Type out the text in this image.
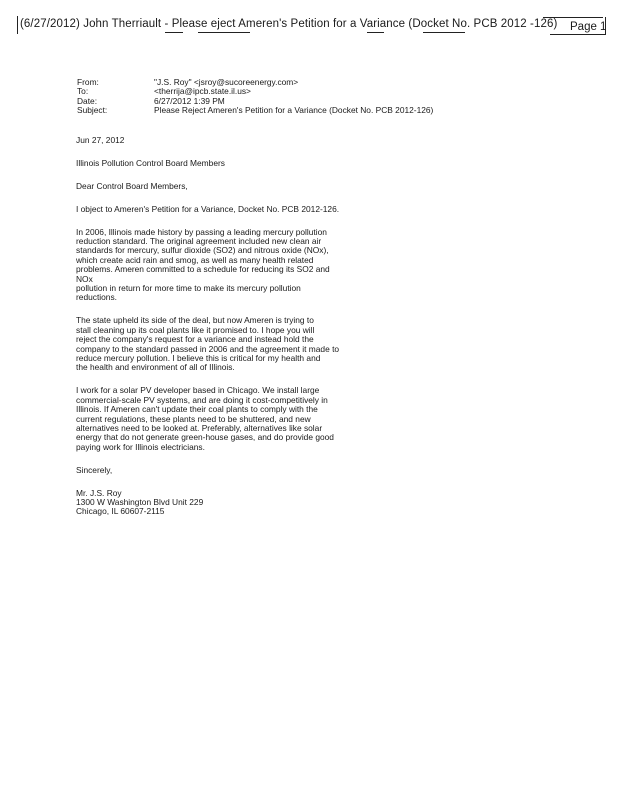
(6/27/2012) John Therriault - Please eject Ameren's Petition for a Variance (Docket No. PCB 2012 -126) Page 1
From:	"J.S. Roy" <jsroy@sucoreenergy.com>
To:	<therrija@ipcb.state.il.us>
Date:	6/27/2012 1:39 PM
Subject:	Please Reject Ameren's Petition for a Variance (Docket No. PCB 2012-126)

Jun 27, 2012

Illinois Pollution Control Board Members

Dear Control Board Members,

I object to Ameren's Petition for a Variance, Docket No. PCB 2012-126.

In 2006, Illinois made history by passing a leading mercury pollution
reduction standard. The original agreement included new clean air
standards for mercury, sulfur dioxide (SO2) and nitrous oxide (NOx),
which create acid rain and smog, as well as many health related
problems. Ameren committed to a schedule for reducing its SO2 and NOx
pollution in return for more time to make its mercury pollution
reductions.

The state upheld its side of the deal, but now Ameren is trying to
stall cleaning up its coal plants like it promised to. I hope you will
reject the company's request for a variance and instead hold the
company to the standard passed in 2006 and the agreement it made to
reduce mercury pollution. I believe this is critical for my health and
the health and environment of all of Illinois.

I work for a solar PV developer based in Chicago. We install large
commercial-scale PV systems, and are doing it cost-competitively in
Illinois. If Ameren can't update their coal plants to comply with the
current regulations, these plants need to be shuttered, and new
alternatives need to be looked at. Preferably, alternatives like solar
energy that do not generate green-house gases, and do provide good
paying work for Illinois electricians.

Sincerely,

Mr. J.S. Roy
1300 W Washington Blvd Unit 229
Chicago, IL 60607-2115
